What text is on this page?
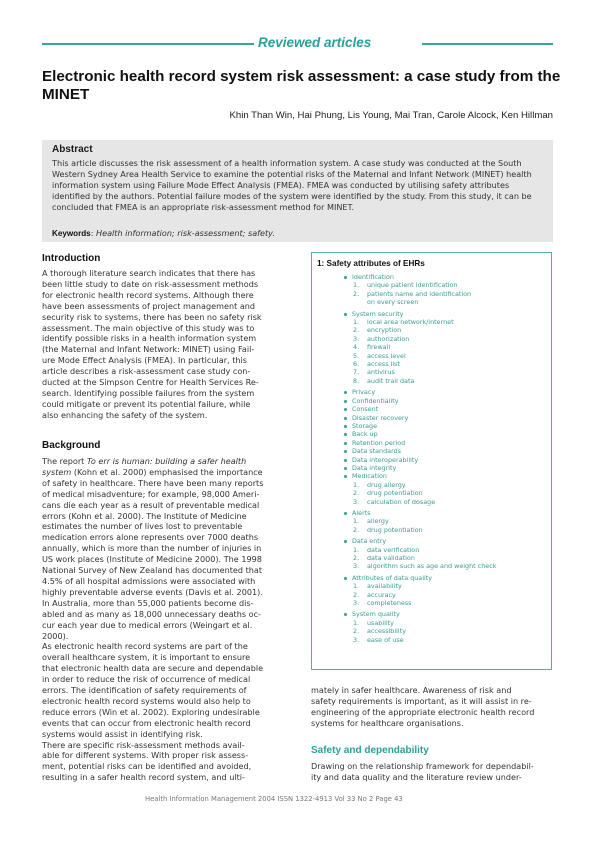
Reviewed articles
Electronic health record system risk assessment: a case study from the MINET
Khin Than Win, Hai Phung, Lis Young, Mai Tran, Carole Alcock, Ken Hillman
Abstract
This article discusses the risk assessment of a health information system. A case study was conducted at the South Western Sydney Area Health Service to examine the potential risks of the Maternal and Infant Network (MINET) health information system using Failure Mode Effect Analysis (FMEA). FMEA was conducted by utilising safety attributes identified by the authors. Potential failure modes of the system were identified by the study. From this study, it can be concluded that FMEA is an appropriate risk-assessment method for MINET.
Keywords: Health information; risk-assessment; safety.
Introduction
A thorough literature search indicates that there has
been little study to date on risk-assessment methods
for electronic health record systems. Although there
have been assessments of project management and
security risk to systems, there has been no safety risk
assessment. The main objective of this study was to
identify possible risks in a health information system
(the Maternal and Infant Network: MINET) using Fail-
ure Mode Effect Analysis (FMEA). In particular, this
article describes a risk-assessment case study con-
ducted at the Simpson Centre for Health Services Re-
search. Identifying possible failures from the system
could mitigate or prevent its potential failure, while
also enhancing the safety of the system.
Background
The report To err is human: building a safer health
system (Kohn et al. 2000) emphasised the importance
of safety in healthcare. There have been many reports
of medical misadventure; for example, 98,000 Ameri-
cans die each year as a result of preventable medical
errors (Kohn et al. 2000). The Institute of Medicine
estimates the number of lives lost to preventable
medication errors alone represents over 7000 deaths
annually, which is more than the number of injuries in
US work places (Institute of Medicine 2000). The 1998
National Survey of New Zealand has documented that
4.5% of all hospital admissions were associated with
highly preventable adverse events (Davis et al. 2001).
In Australia, more than 55,000 patients become dis-
abled and as many as 18,000 unnecessary deaths oc-
cur each year due to medical errors (Weingart et al.
2000).
As electronic health record systems are part of the
overall healthcare system, it is important to ensure
that electronic health data are secure and dependable
in order to reduce the risk of occurrence of medical
errors. The identification of safety requirements of
electronic health record systems would also help to
reduce errors (Win et al. 2002). Exploring undesirable
events that can occur from electronic health record
systems would assist in identifying risk.
There are specific risk-assessment methods avail-
able for different systems. With proper risk assess-
ment, potential risks can be identified and avoided,
resulting in a safer health record system, and ulti-
1: Safety attributes of EHRs
Identification
1. unique patient identification
2. patients name and identification
on every screen
System security
1. local area network/internet
2. encryption
3. authorization
4. firewall
5. access level
6. access list
7. antivirus
8. audit trail data
Privacy
Confidentiality
Consent
Disaster recovery
Storage
Back up
Retention period
Data standards
Data interoperability
Data integrity
Medication
1. drug allergy
2. drug potentiation
3. calculation of dosage
Alerts
1. allergy
2. drug potentiation
Data entry
1. data verification
2. data validation
3. algorithm such as age and weight check
Attributes of data quality
1. availability
2. accuracy
3. completeness
System quality
1. usability
2. accessibility
3. ease of use
mately in safer healthcare. Awareness of risk and
safety requirements is important, as it will assist in re-
engineering of the appropriate electronic health record
systems for healthcare organisations.
Safety and dependability
Drawing on the relationship framework for dependabil-
ity and data quality and the literature review under-
Health Information Management 2004 ISSN 1322-4913 Vol 33 No 2 Page 43
